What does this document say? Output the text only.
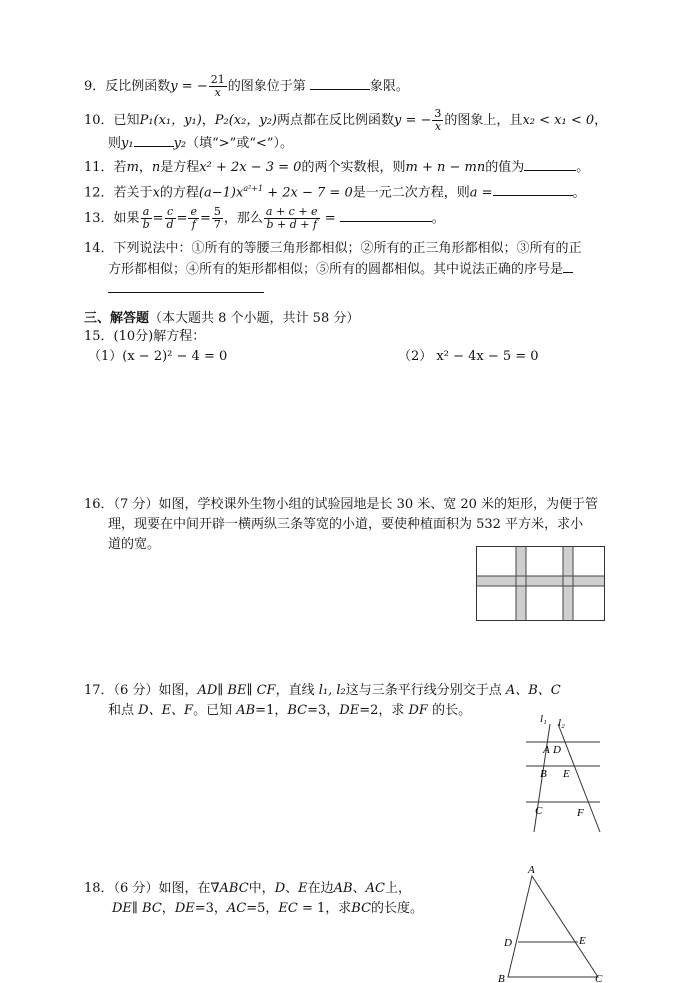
9．反比例函数y = − $\frac{21}{x}$ 的图象位于第	象限。
10．已知P₁(x₁，y₁)，P₂(x₂，y₂)两点都在反比例函数y = − $\frac{3}{x}$ 的图象上，且x₂ < x₁ < 0，
则y₁	y₂（填“>”或“<”）。
11．若m，n是方程x² + 2x − 3 = 0的两个实数根，则m + n − mn的值为	。
12．若关于x的方程$(a-1)x^{a^2+1} + 2x - 7 = 0$是一元二次方程，则a =	。
13．如果 $\frac{a}{b} = \frac{c}{d} = \frac{e}{f} = \frac{5}{7}$ ，那么 $\frac{a + c + e}{b + d + f}$ =	。
14．下列说法中：①所有的等腰三角形都相似；②所有的正三角形都相似；③所有的正
方形都相似；④所有的矩形都相似；⑤所有的圆都相似。其中说法正确的序号是
三、解答题（本大题共 8 个小题，共计 58 分）
15．(10分)解方程：
（1）(x − 2)² − 4 = 0	（2） x² − 4x − 5 = 0
16．（7 分）如图，学校课外生物小组的试验园地是长 30 米、宽 20 米的矩形，为便于管
理，现要在中间开辟一横两纵三条等宽的小道，要使种植面积为 532 平方米，求小
道的宽。
17．（6 分）如图，AD∥ BE∥ CF，直线 l₁, l₂这与三条平行线分别交于点 A、B、C
和点 D、E、F。已知 AB=1，BC=3，DE=2，求 DF 的长。
l₁ l₂
A D
B E
C	F
18．（6 分）如图，在∇ABC中，D、E在边AB、AC上，
DE∥ BC，DE=3，AC=5，EC = 1，求BC的长度。
A
D	E
B	C
